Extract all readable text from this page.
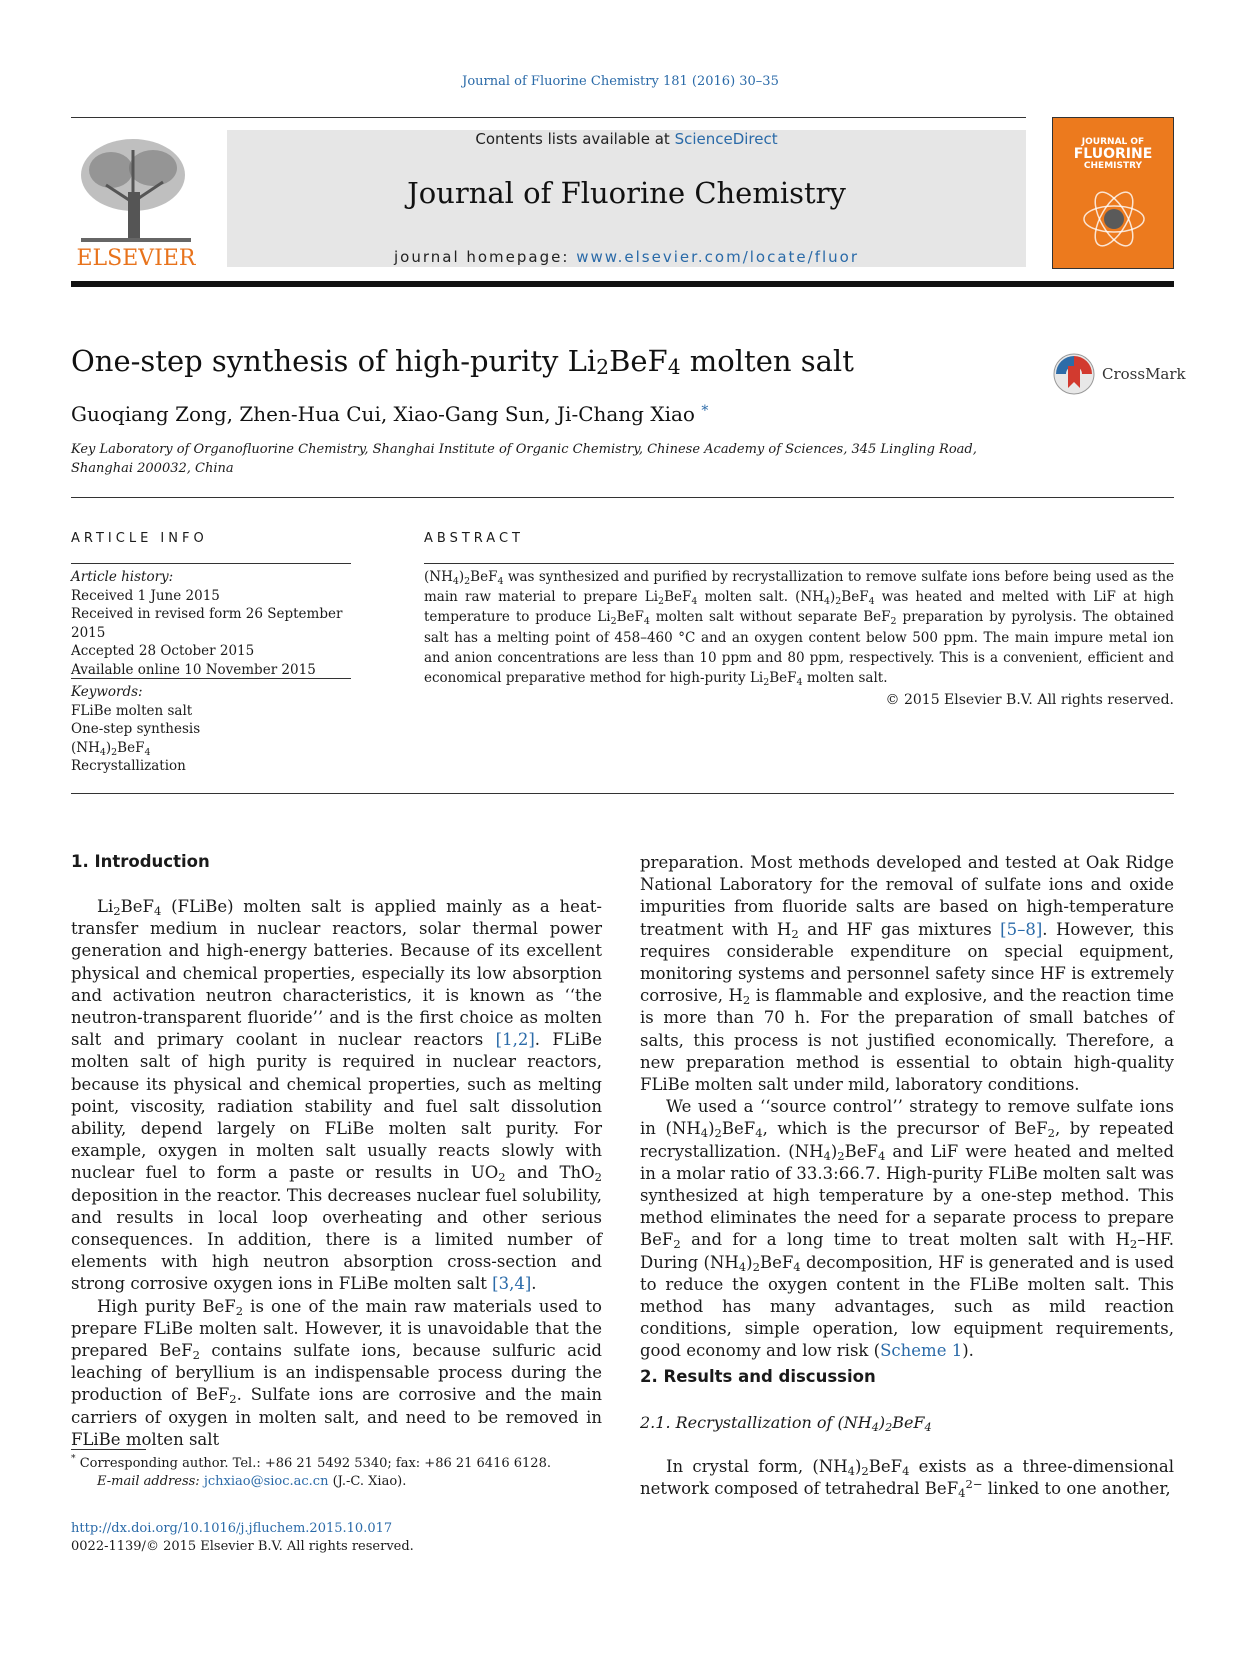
Journal of Fluorine Chemistry 181 (2016) 30–35
ELSEVIER
Contents lists available at ScienceDirect
Journal of Fluorine Chemistry
journal homepage: www.elsevier.com/locate/fluor
JOURNAL OF
FLUORINE
CHEMISTRY
One-step synthesis of high-purity $Li_2BeF_4$ molten salt	CrossMark
Guoqiang Zong, Zhen-Hua Cui, Xiao-Gang Sun, Ji-Chang Xiao *
Key Laboratory of Organofluorine Chemistry, Shanghai Institute of Organic Chemistry, Chinese Academy of Sciences, 345 Lingling Road, Shanghai 200032, China
ARTICLE INFO
Article history:
Received 1 June 2015
Received in revised form 26 September 2015
Accepted 28 October 2015
Available online 10 November 2015
Keywords:
FLiBe molten salt
One-step synthesis
$(NH_4)_2BeF_4$
Recrystallization
ABSTRACT
$(NH_4)_2BeF_4$ was synthesized and purified by recrystallization to remove sulfate ions before being used as the main raw material to prepare $Li_2BeF_4$ molten salt. $(NH_4)_2BeF_4$ was heated and melted with LiF at high temperature to produce $Li_2BeF_4$ molten salt without separate BeF$_2$ preparation by pyrolysis. The obtained salt has a melting point of 458–460 °C and an oxygen content below 500 ppm. The main impure metal ion and anion concentrations are less than 10 ppm and 80 ppm, respectively. This is a convenient, efficient and economical preparative method for high-purity $Li_2BeF_4$ molten salt.
© 2015 Elsevier B.V. All rights reserved.
1. Introduction

$Li_2BeF_4$ (FLiBe) molten salt is applied mainly as a heat-transfer medium in nuclear reactors, solar thermal power generation and high-energy batteries. Because of its excellent physical and chemical properties, especially its low absorption and activation neutron characteristics, it is known as ‘‘the neutron-transparent fluoride’’ and is the first choice as molten salt and primary coolant in nuclear reactors [1,2]. FLiBe molten salt of high purity is required in nuclear reactors, because its physical and chemical properties, such as melting point, viscosity, radiation stability and fuel salt dissolution ability, depend largely on FLiBe molten salt purity. For example, oxygen in molten salt usually reacts slowly with nuclear fuel to form a paste or results in $UO_2$ and ThO$_2$ deposition in the reactor. This decreases nuclear fuel solubility, and results in local loop overheating and other serious consequences. In addition, there is a limited number of elements with high neutron absorption cross-section and strong corrosive oxygen ions in FLiBe molten salt [3,4].

High purity BeF$_2$ is one of the main raw materials used to prepare FLiBe molten salt. However, it is unavoidable that the prepared BeF$_2$ contains sulfate ions, because sulfuric acid leaching of beryllium is an indispensable process during the production of BeF$_2$. Sulfate ions are corrosive and the main carriers of oxygen in molten salt, and need to be removed in FLiBe molten salt

* Corresponding author. Tel.: +86 21 5492 5340; fax: +86 21 6416 6128.
E-mail address: jchxiao@sioc.ac.cn (J.-C. Xiao).
http://dx.doi.org/10.1016/j.jfluchem.2015.10.017
0022-1139/© 2015 Elsevier B.V. All rights reserved.

preparation. Most methods developed and tested at Oak Ridge National Laboratory for the removal of sulfate ions and oxide impurities from fluoride salts are based on high-temperature treatment with $H_2$ and HF gas mixtures [5–8]. However, this requires considerable expenditure on special equipment, monitoring systems and personnel safety since HF is extremely corrosive, $H_2$ is flammable and explosive, and the reaction time is more than 70 h. For the preparation of small batches of salts, this process is not justified economically. Therefore, a new preparation method is essential to obtain high-quality FLiBe molten salt under mild, laboratory conditions.

We used a ‘‘source control’’ strategy to remove sulfate ions in $(NH_4)_2BeF_4$, which is the precursor of BeF$_2$, by repeated recrystallization. $(NH_4)_2BeF_4$ and LiF were heated and melted in a molar ratio of 33.3:66.7. High-purity FLiBe molten salt was synthesized at high temperature by a one-step method. This method eliminates the need for a separate process to prepare BeF$_2$ and for a long time to treat molten salt with $H_2-HF$. During $(NH_4)_2BeF_4$ decomposition, HF is generated and is used to reduce the oxygen content in the FLiBe molten salt. This method has many advantages, such as mild reaction conditions, simple operation, low equipment requirements, good economy and low risk (Scheme 1).

2. Results and discussion
2.1. Recrystallization of $(NH_4)_2BeF_4$

In crystal form, $(NH_4)_2BeF_4$ exists as a three-dimensional network composed of tetrahedral BeF$_4^{2-}$ linked to one another,
